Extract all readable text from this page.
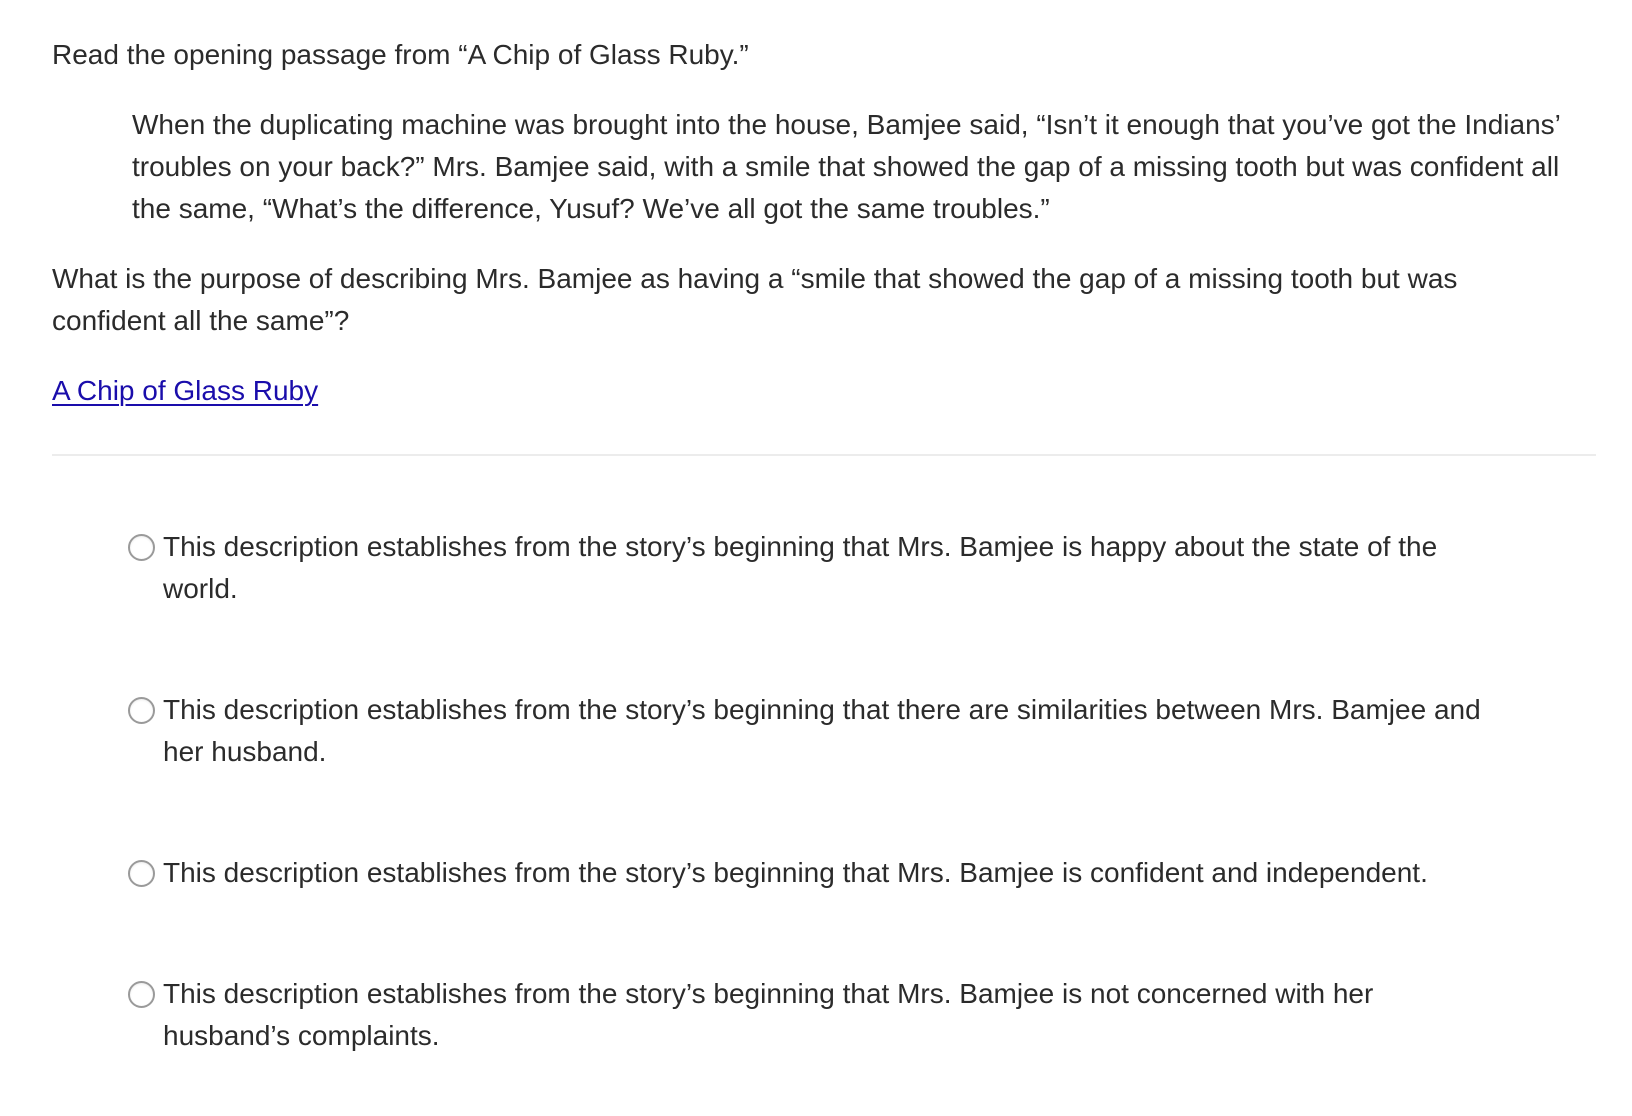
Read the opening passage from “A Chip of Glass Ruby.”

When the duplicating machine was brought into the house, Bamjee said, “Isn’t it enough that you’ve got the Indians’ troubles on your back?” Mrs. Bamjee said, with a smile that showed the gap of a missing tooth but was confident all the same, “What’s the difference, Yusuf? We’ve all got the same troubles.”

What is the purpose of describing Mrs. Bamjee as having a “smile that showed the gap of a missing tooth but was confident all the same”?

A Chip of Glass Ruby
This description establishes from the story’s beginning that Mrs. Bamjee is happy about the state of the world.
This description establishes from the story’s beginning that there are similarities between Mrs. Bamjee and her husband.
This description establishes from the story’s beginning that Mrs. Bamjee is confident and independent.
This description establishes from the story’s beginning that Mrs. Bamjee is not concerned with her husband’s complaints.
